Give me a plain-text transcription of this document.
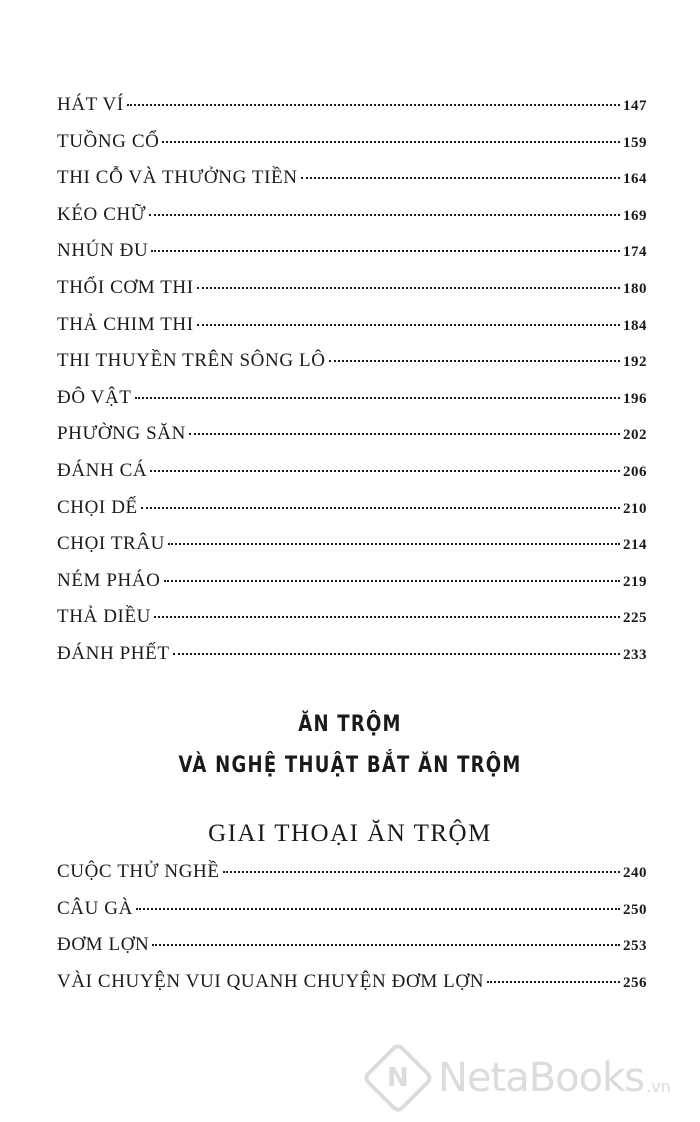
HÁT VÍ	147
TUỒNG CỔ	159
THI CỖ VÀ THƯỞNG TIỀN	164
KÉO CHỮ	169
NHÚN ĐU	174
THỔI CƠM THI	180
THẢ CHIM THI	184
THI THUYỀN TRÊN SÔNG LÔ	192
ĐÔ VẬT	196
PHƯỜNG SĂN	202
ĐÁNH CÁ	206
CHỌI DẾ	210
CHỌI TRÂU	214
NÉM PHÁO	219
THẢ DIỀU	225
ĐÁNH PHẾT	233
ĂN TRỘM
VÀ NGHỆ THUẬT BẮT ĂN TRỘM
GIAI THOẠI ĂN TRỘM
CUỘC THỬ NGHỀ	240
CÂU GÀ	250
ĐƠM LỢN	253
VÀI CHUYỆN VUI QUANH CHUYỆN ĐƠM LỢN	256
N NetaBooks .vn
